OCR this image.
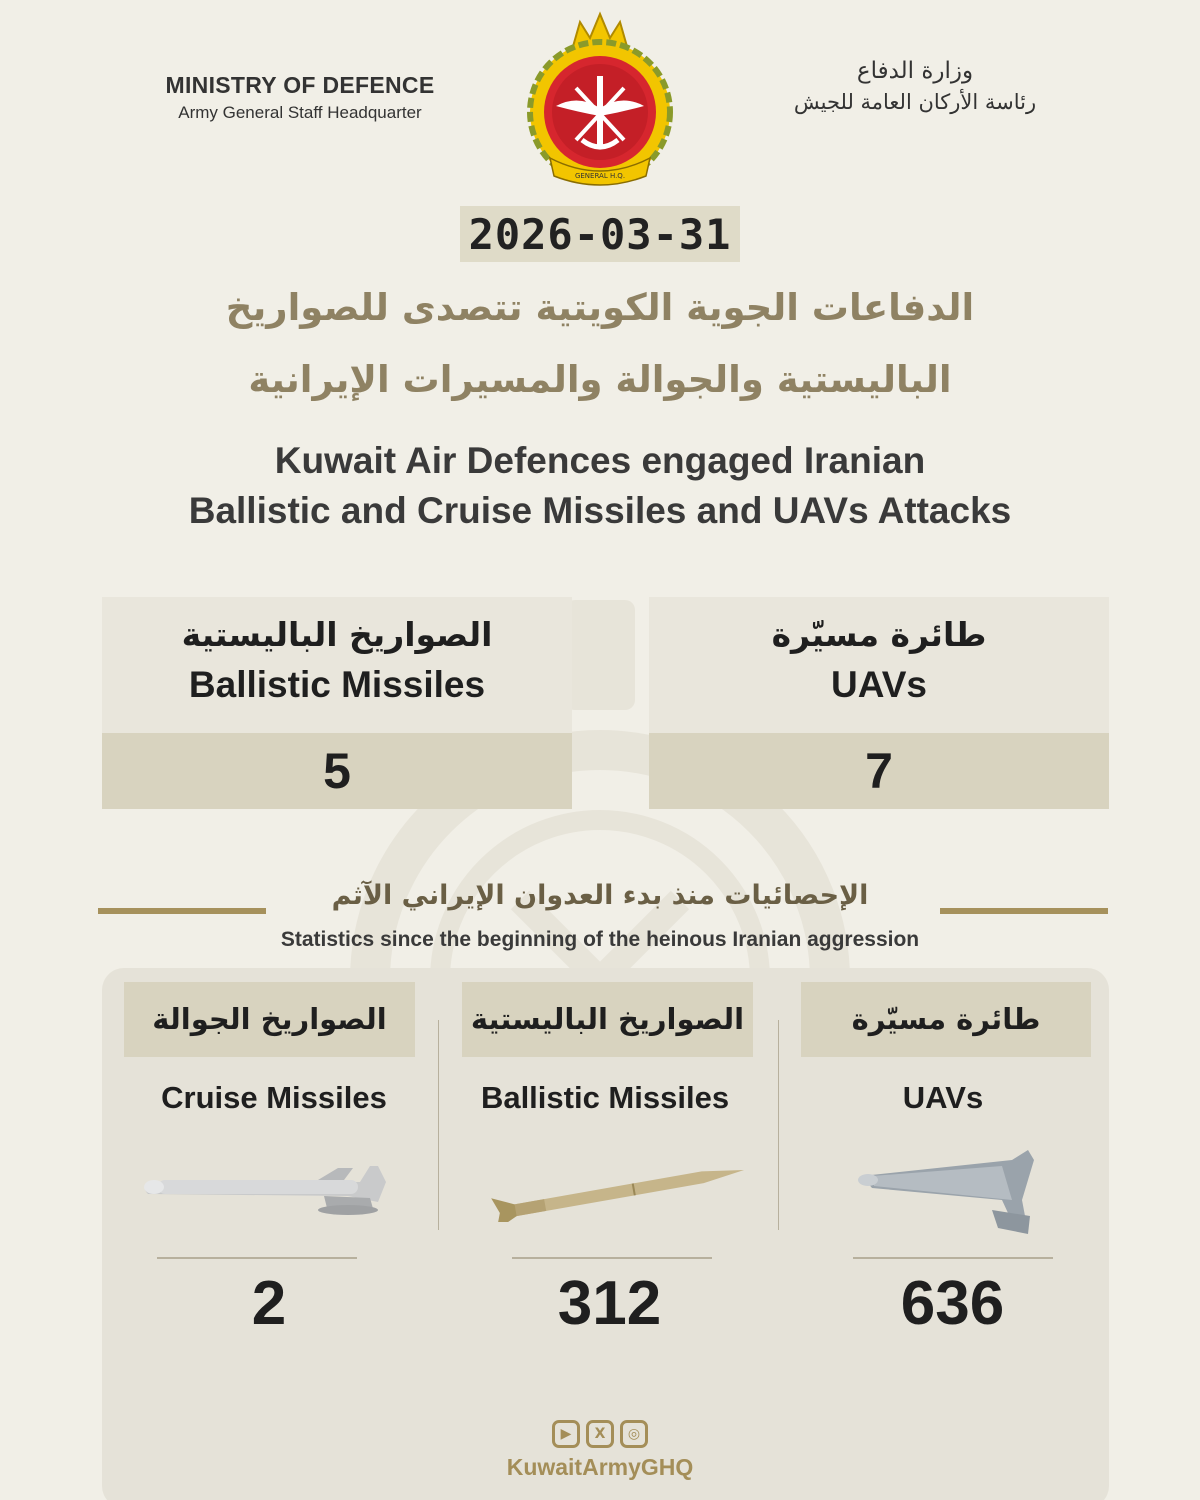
MINISTRY OF DEFENCE
Army General Staff Headquarter
GENERAL H.Q.
وزارة الدفاع
رئاسة الأركان العامة للجيش
2026-03-31
الدفاعات الجوية الكويتية تتصدى للصواريخ
الباليستية والجوالة والمسيرات الإيرانية
Kuwait Air Defences engaged Iranian
Ballistic and Cruise Missiles and UAVs Attacks
الصواريخ الباليستية
Ballistic Missiles
5
طائرة مسيّرة
UAVs
7
الإحصائيات منذ بدء العدوان الإيراني الآثم
Statistics since the beginning of the heinous Iranian aggression
الصواريخ الجوالة
Cruise Missiles
2
الصواريخ الباليستية
Ballistic Missiles
312
طائرة مسيّرة
UAVs
636
▶	X	◎
KuwaitArmyGHQ
